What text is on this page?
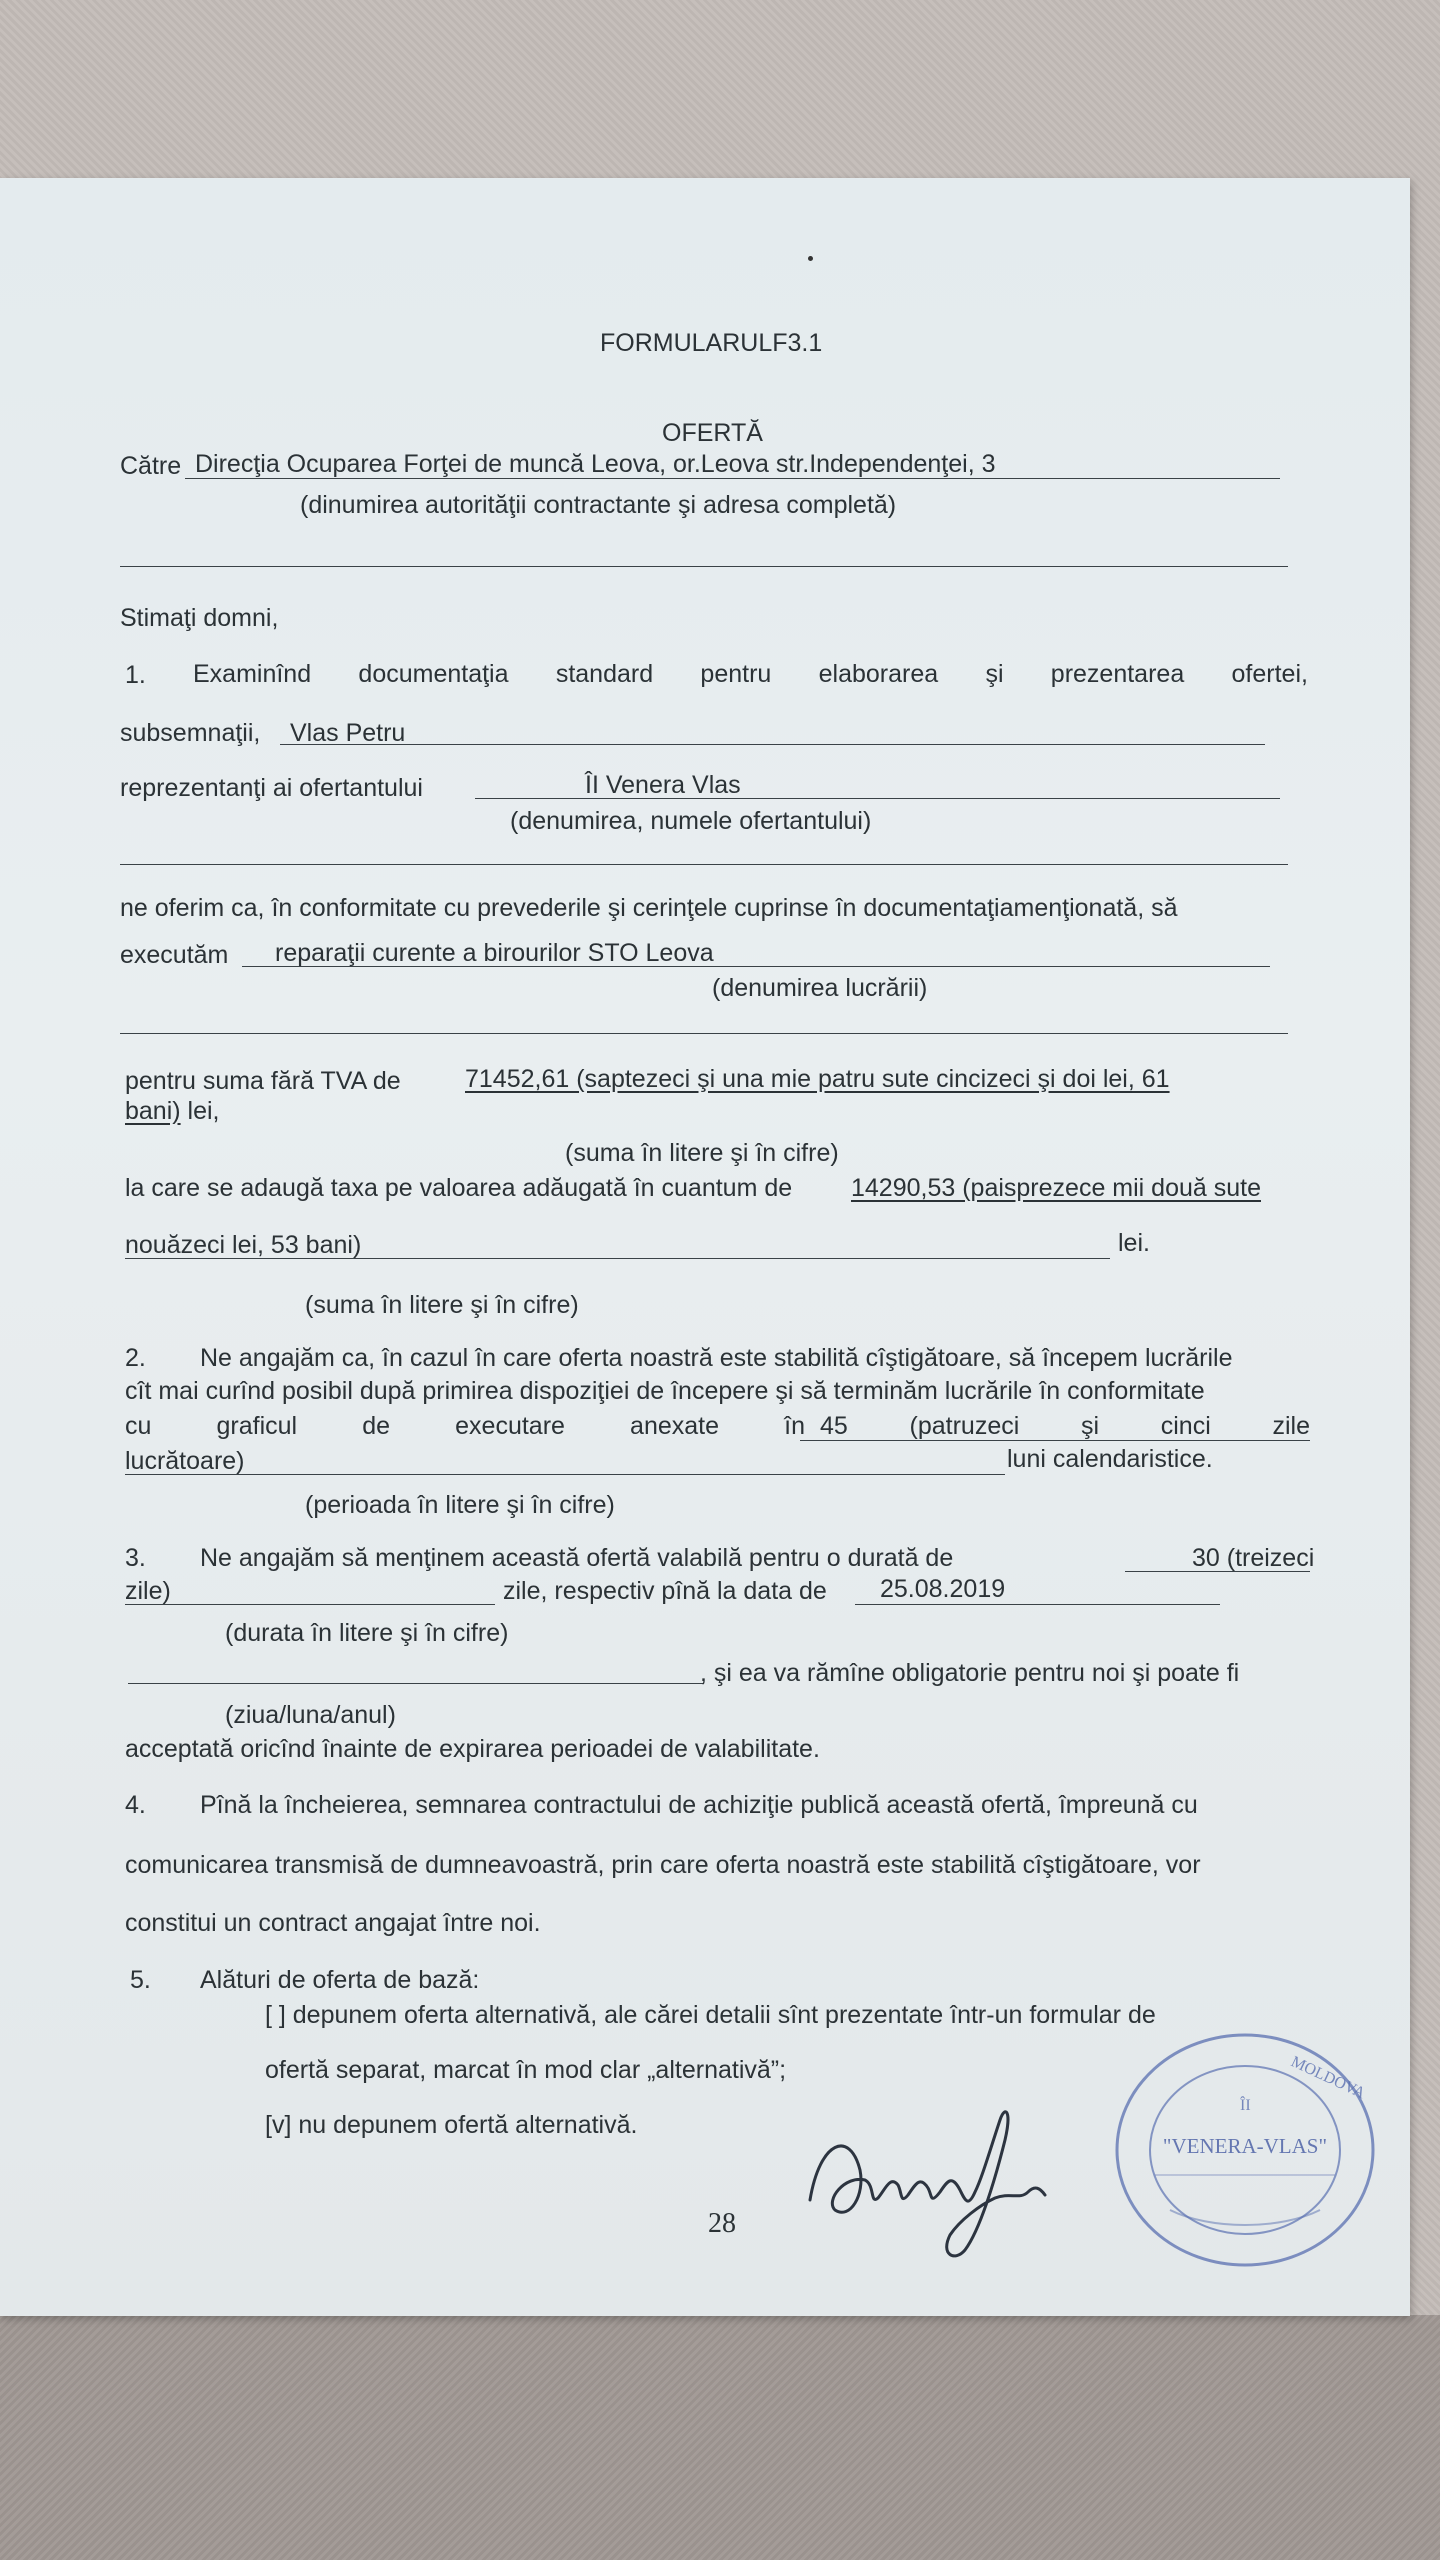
FORMULARULF3.1
OFERTĂ
Către Direcţia Ocuparea Forţei de muncă Leova, or.Leova str.Independenţei, 3
(dinumirea autorităţii contractante şi adresa completă)
Stimaţi domni,
1. Examinînd documentaţia standard pentru elaborarea şi prezentarea ofertei,
subsemnaţii, Vlas Petru
reprezentanţi ai ofertantului	ÎI Venera Vlas
(denumirea, numele ofertantului)
ne oferim ca, în conformitate cu prevederile şi cerinţele cuprinse în documentaţiamenţionată, să
executăm reparaţii curente a birourilor STO Leova
(denumirea lucrării)
pentru suma fără TVA de	71452,61 (saptezeci şi una mie patru sute cincizeci şi doi lei, 61
bani) lei,
(suma în litere şi în cifre)
la care se adaugă taxa pe valoarea adăugată în cuantum de 14290,53 (paisprezece mii două sute
nouăzeci lei, 53 bani)	lei.
(suma în litere şi în cifre)
2. Ne angajăm ca, în cazul în care oferta noastră este stabilită cîştigătoare, să începem lucrările
cît mai curînd posibil după primirea dispoziţiei de începere şi să terminăm lucrările în conformitate
cu	graficul	de	executare	anexate	în 45 (patruzeci şi cinci zile
lucrătoare)	luni calendaristice.
(perioada în litere şi în cifre)
3. Ne angajăm să menţinem această ofertă valabilă pentru o durată de	30 (treizeci
zile)	zile, respectiv pînă la data de 25.08.2019
(durata în litere şi în cifre)
, şi ea va rămîne obligatorie pentru noi şi poate fi
(ziua/luna/anul)
acceptată oricînd înainte de expirarea perioadei de valabilitate.
4. Pînă la încheierea, semnarea contractului de achiziţie publică această ofertă, împreună cu
comunicarea transmisă de dumneavoastră, prin care oferta noastră este stabilită cîştigătoare, vor
constitui un contract angajat între noi.
5. Alături de oferta de bază:
[ ] depunem oferta alternativă, ale cărei detalii sînt prezentate într-un formular de
ofertă separat, marcat în mod clar „alternativă”;
[v] nu depunem ofertă alternativă.
28
MOLDOVA
ÎI
"VENERA-VLAS"
